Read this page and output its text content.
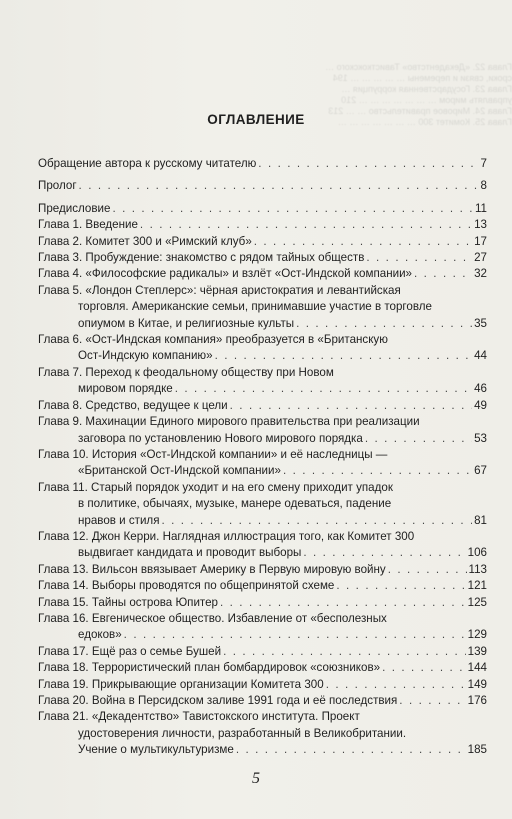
Глава 22. «Декадентство» Тависткокского …
сроки, связи и перемены … … … … … 194
Глава 23. Государственная коррупция …
управлять миром … … … … … … … 210
Глава 24. Мировое правительство … … 213
Глава 25. Комитет 300 … … … … … … …
ОГЛАВЛЕНИЕ
Обращение автора к русскому читателю . . .	7
Пролог . . .	8
Предисловие . . .	11
Глава 1. Введение . . .	13
Глава 2. Комитет 300 и «Римский клуб» . . .	17
Глава 3. Пробуждение: знакомство с рядом тайных обществ . . .	27
Глава 4. «Философские радикалы» и взлёт «Ост-Индской компании» . . .	32
Глава 5. «Лондон Степлерс»: чёрная аристократия и левантийская
торговля. Американские семьи, принимавшие участие в торговле
опиумом в Китае, и религиозные культы . . .	35
Глава 6. «Ост-Индская компания» преобразуется в «Британскую
Ост-Индскую компанию» . . .	44
Глава 7. Переход к феодальному обществу при Новом
мировом порядке . . .	46
Глава 8. Средство, ведущее к цели . . .	49
Глава 9. Махинации Единого мирового правительства при реализации
заговора по установлению Нового мирового порядка . . .	53
Глава 10. История «Ост-Индской компании» и её наследницы —
«Британской Ост-Индской компании» . . .	67
Глава 11. Старый порядок уходит и на его смену приходит упадок
в политике, обычаях, музыке, манере одеваться, падение
нравов и стиля . . .	81
Глава 12. Джон Керри. Наглядная иллюстрация того, как Комитет 300
выдвигает кандидата и проводит выборы . . .	106
Глава 13. Вильсон ввязывает Америку в Первую мировую войну . . .	113
Глава 14. Выборы проводятся по общепринятой схеме . . .	121
Глава 15. Тайны острова Юпитер . . .	125
Глава 16. Евгеническое общество. Избавление от «бесполезных
едоков» . . .	129
Глава 17. Ещё раз о семье Бушей . . .	139
Глава 18. Террористический план бомбардировок «союзников» . . .	144
Глава 19. Прикрывающие организации Комитета 300 . . .	149
Глава 20. Война в Персидском заливе 1991 года и её последствия . . .	176
Глава 21. «Декадентство» Тавистокского института. Проект
удостоверения личности, разработанный в Великобритании.
Учение о мультикультуризме . . .	185
5
